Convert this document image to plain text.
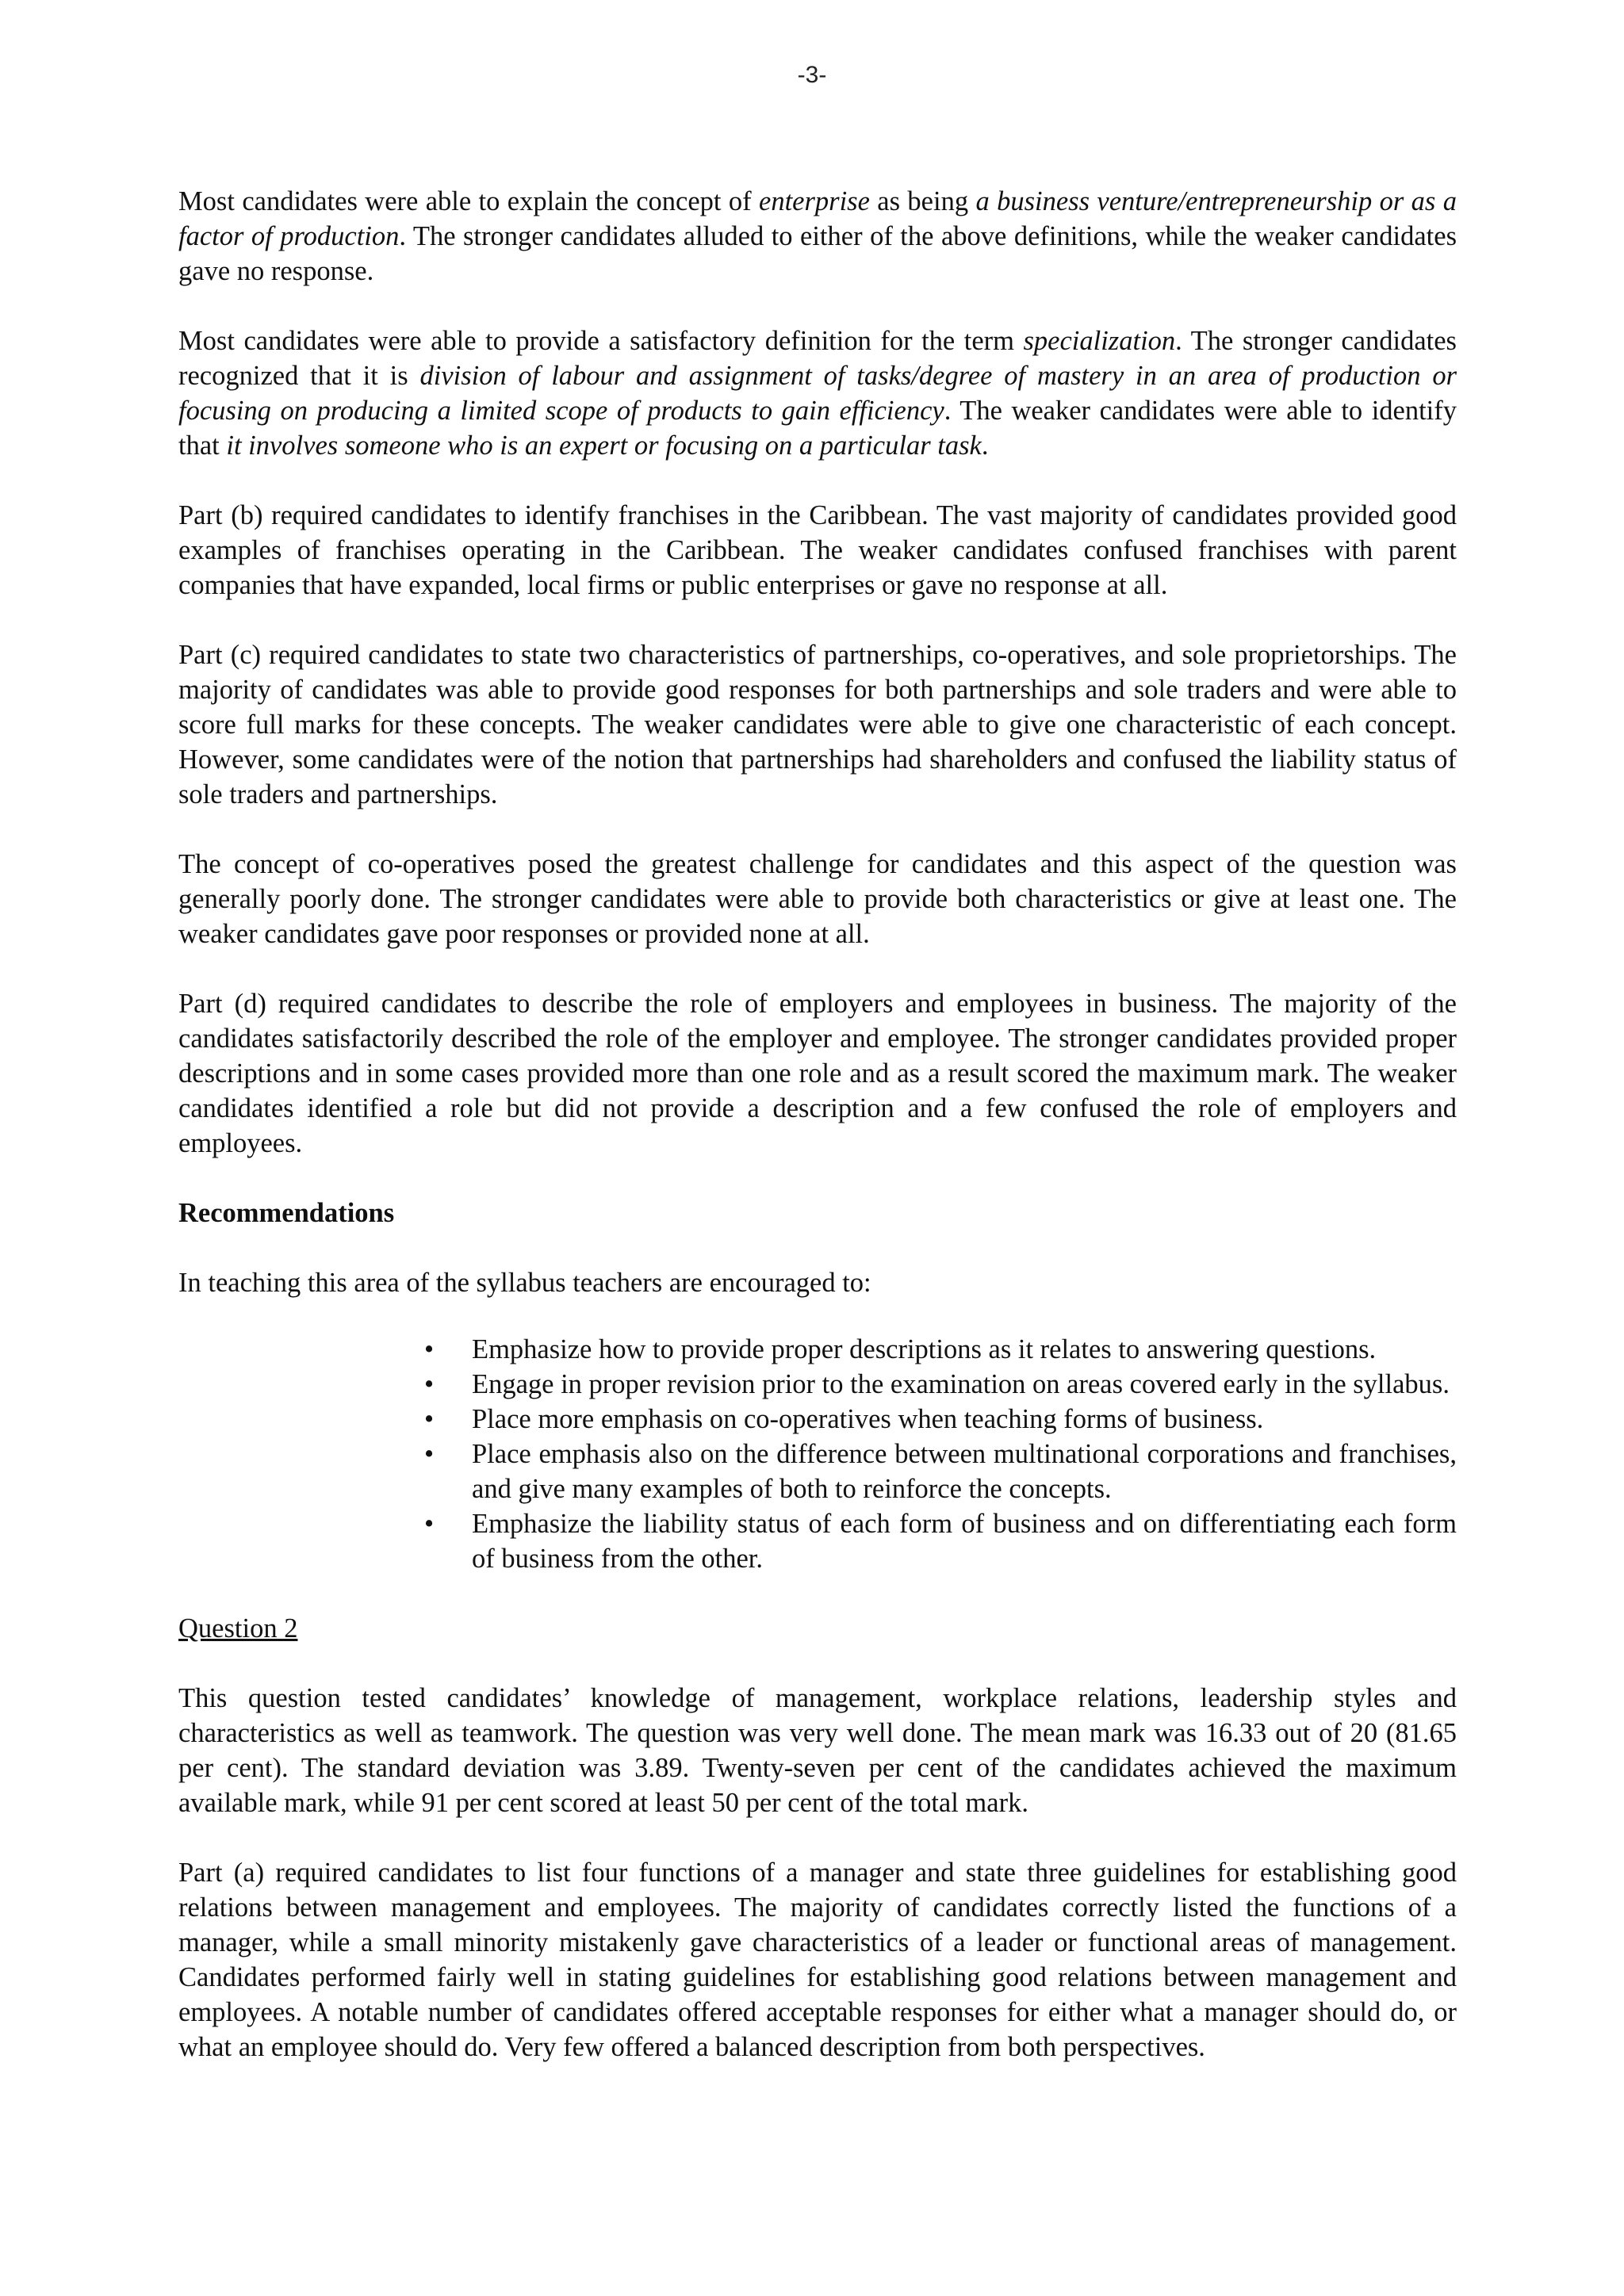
-3-

Most candidates were able to explain the concept of enterprise as being a business venture/entrepreneurship or as a factor of production. The stronger candidates alluded to either of the above definitions, while the weaker candidates gave no response.

Most candidates were able to provide a satisfactory definition for the term specialization. The stronger candidates recognized that it is division of labour and assignment of tasks/degree of mastery in an area of production or focusing on producing a limited scope of products to gain efficiency. The weaker candidates were able to identify that it involves someone who is an expert or focusing on a particular task.

Part (b) required candidates to identify franchises in the Caribbean. The vast majority of candidates provided good examples of franchises operating in the Caribbean. The weaker candidates confused franchises with parent companies that have expanded, local firms or public enterprises or gave no response at all.

Part (c) required candidates to state two characteristics of partnerships, co-operatives, and sole proprietorships. The majority of candidates was able to provide good responses for both partnerships and sole traders and were able to score full marks for these concepts. The weaker candidates were able to give one characteristic of each concept. However, some candidates were of the notion that partnerships had shareholders and confused the liability status of sole traders and partnerships.

The concept of co-operatives posed the greatest challenge for candidates and this aspect of the question was generally poorly done. The stronger candidates were able to provide both characteristics or give at least one. The weaker candidates gave poor responses or provided none at all.

Part (d) required candidates to describe the role of employers and employees in business. The majority of the candidates satisfactorily described the role of the employer and employee. The stronger candidates provided proper descriptions and in some cases provided more than one role and as a result scored the maximum mark. The weaker candidates identified a role but did not provide a description and a few confused the role of employers and employees.

Recommendations

In teaching this area of the syllabus teachers are encouraged to:

•	Emphasize how to provide proper descriptions as it relates to answering questions.
•	Engage in proper revision prior to the examination on areas covered early in the syllabus.
•	Place more emphasis on co-operatives when teaching forms of business.
•	Place emphasis also on the difference between multinational corporations and franchises, and give many examples of both to reinforce the concepts.
•	Emphasize the liability status of each form of business and on differentiating each form of business from the other.
Question 2

This question tested candidates’ knowledge of management, workplace relations, leadership styles and characteristics as well as teamwork. The question was very well done. The mean mark was 16.33 out of 20 (81.65 per cent). The standard deviation was 3.89. Twenty-seven per cent of the candidates achieved the maximum available mark, while 91 per cent scored at least 50 per cent of the total mark.

Part (a) required candidates to list four functions of a manager and state three guidelines for establishing good relations between management and employees. The majority of candidates correctly listed the functions of a manager, while a small minority mistakenly gave characteristics of a leader or functional areas of management. Candidates performed fairly well in stating guidelines for establishing good relations between management and employees. A notable number of candidates offered acceptable responses for either what a manager should do, or what an employee should do. Very few offered a balanced description from both perspectives.
